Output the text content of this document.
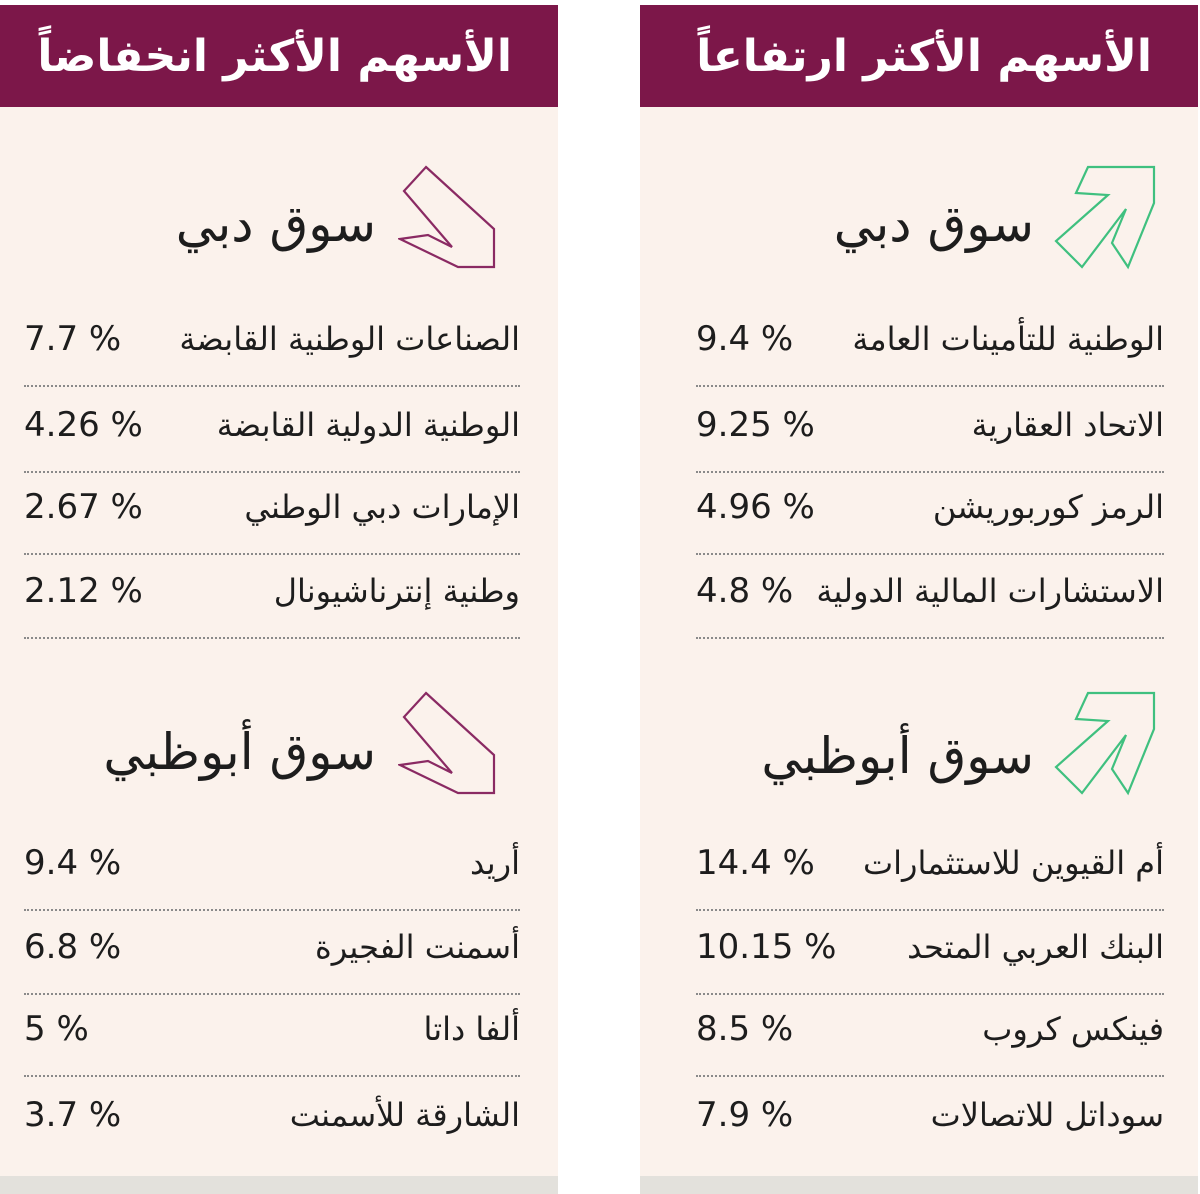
الأسهم الأكثر انخفاضاً
سوق دبي
الصناعات الوطنية القابضة
7.7 %
الوطنية الدولية القابضة
4.26 %
الإمارات دبي الوطني
2.67 %
وطنية إنترناشيونال
2.12 %
سوق أبوظبي
أريد
9.4 %
أسمنت الفجيرة
6.8 %
ألفا داتا
5 %
الشارقة للأسمنت
3.7 %
الأسهم الأكثر ارتفاعاً
سوق دبي
الوطنية للتأمينات العامة
9.4 %
الاتحاد العقارية
9.25 %
الرمز كوربوريشن
4.96 %
الاستشارات المالية الدولية
4.8 %
سوق أبوظبي
أم القيوين للاستثمارات
14.4 %
البنك العربي المتحد
10.15 %
فينكس كروب
8.5 %
سوداتل للاتصالات
7.9 %
